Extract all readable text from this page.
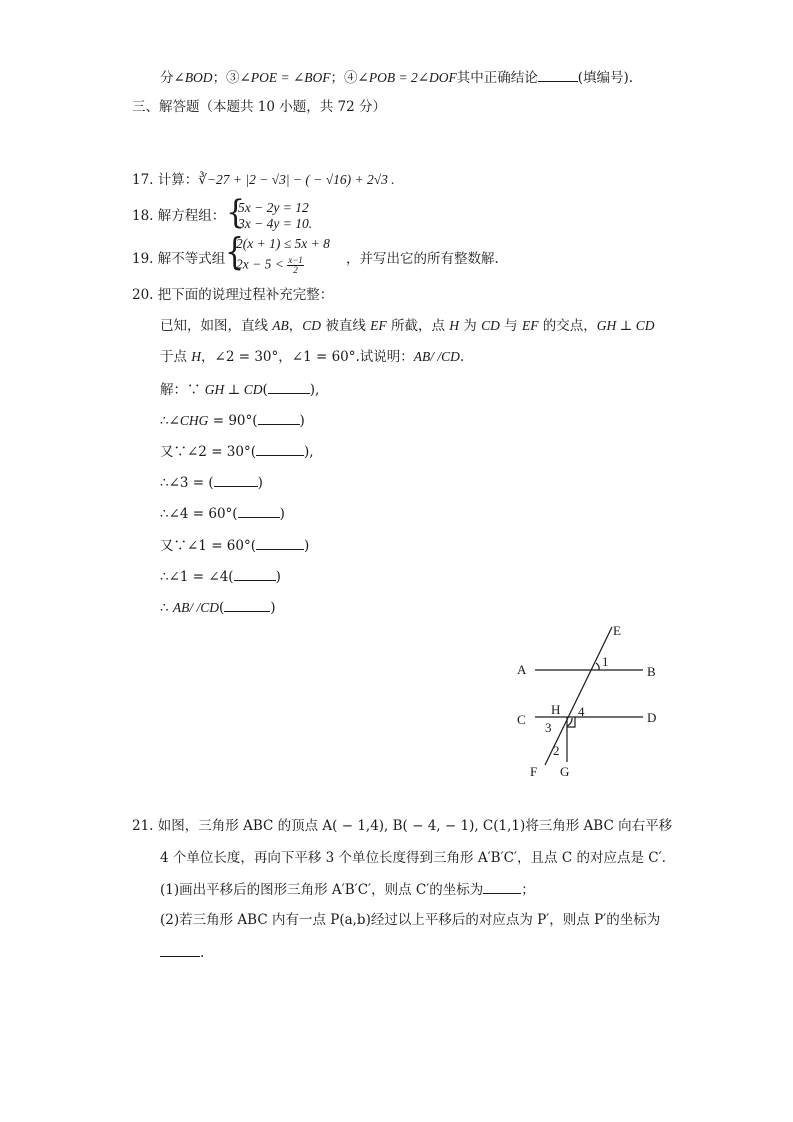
分∠BOD；③∠POE = ∠BOF；④∠POB = 2∠DOF其中正确结论	(填编号).
三、解答题（本题共 10 小题，共 72 分）
17. 计算：∛−27 + |2 − √3| − ( − √16) + 2√3 .
18. 解方程组： {
5x − 2y = 12
3x − 4y = 10.
19. 解不等式组 {
2(x + 1) ≤ 5x + 8
$2x - 5 < \frac{x-1}{2}$	，并写出它的所有整数解.
20. 把下面的说理过程补充完整：
已知，如图，直线 AB，CD 被直线 EF 所截，点 H 为 CD 与 EF 的交点，GH ⊥ CD
于点 H，∠2 = 30°，∠1 = 60°.试说明：AB/ /CD.
解：∵ GH ⊥ CD(	),
∴∠CHG = 90°(	)
又∵∠2 = 30°(	),
∴∠3 = (	)
∴∠4 = 60°(	)
又∵∠1 = 60°(	)
∴∠1 = ∠4(	)
∴ AB/ /CD(	)
E
A	B
1
C
H 4	D
3
2
F G
21. 如图，三角形 ABC 的顶点 A( − 1,4), B( − 4, − 1), C(1,1)将三角形 ABC 向右平移
4 个单位长度，再向下平移 3 个单位长度得到三角形 A′B′C′，且点 C 的对应点是 C′.
(1)画出平移后的图形三角形 A′B′C′，则点 C′的坐标为	；
(2)若三角形 ABC 内有一点 P(a,b)经过以上平移后的对应点为 P′，则点 P′的坐标为
.
